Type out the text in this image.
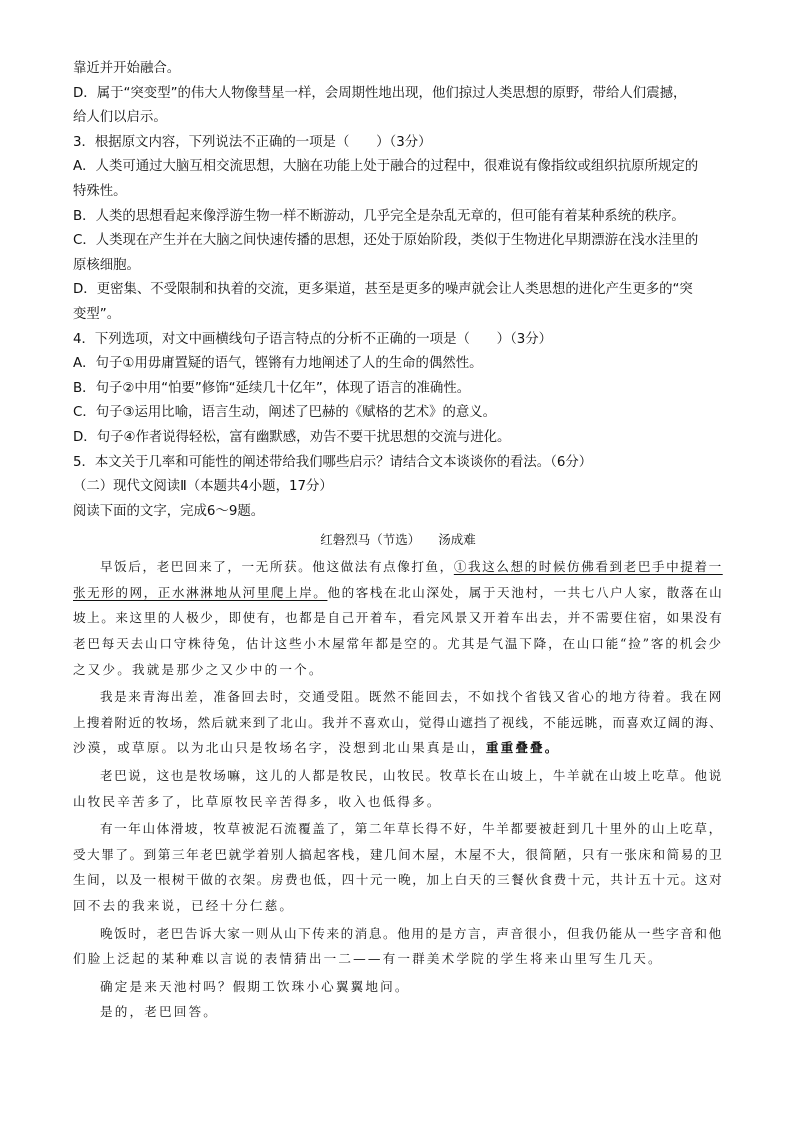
靠近并开始融合。

D．属于“突变型”的伟大人物像彗星一样，会周期性地出现，他们掠过人类思想的原野，带给人们震撼，

给人们以启示。

3．根据原文内容，下列说法不正确的一项是（　　）（3分）

A．人类可通过大脑互相交流思想，大脑在功能上处于融合的过程中，很难说有像指纹或组织抗原所规定的

特殊性。

B．人类的思想看起来像浮游生物一样不断游动，几乎完全是杂乱无章的，但可能有着某种系统的秩序。

C．人类现在产生并在大脑之间快速传播的思想，还处于原始阶段，类似于生物进化早期漂游在浅水洼里的

原核细胞。

D．更密集、不受限制和执着的交流，更多渠道，甚至是更多的噪声就会让人类思想的进化产生更多的“突

变型”。

4．下列选项，对文中画横线句子语言特点的分析不正确的一项是（　　）（3分）

A．句子①用毋庸置疑的语气，铿锵有力地阐述了人的生命的偶然性。

B．句子②中用“怕要”修饰“延续几十亿年”，体现了语言的准确性。

C．句子③运用比喻，语言生动，阐述了巴赫的《赋格的艺术》的意义。

D．句子④作者说得轻松，富有幽默感，劝告不要干扰思想的交流与进化。

5．本文关于几率和可能性的阐述带给我们哪些启示？请结合文本谈谈你的看法。（6分）

（二）现代文阅读Ⅱ（本题共4小题，17分）

阅读下面的文字，完成6～9题。

红磐烈马（节选） 汤成难

早饭后，老巴回来了，一无所获。他这做法有点像打鱼，①我这么想的时候仿佛看到老巴手中提着一

张无形的网，正水淋淋地从河里爬上岸。他的客栈在北山深处，属于天池村，一共七八户人家，散落在山

坡上。来这里的人极少，即使有，也都是自己开着车，看完风景又开着车出去，并不需要住宿，如果没有

老巴每天去山口守株待兔，估计这些小木屋常年都是空的。尤其是气温下降，在山口能“捡”客的机会少

之又少。我就是那少之又少中的一个。

我是来青海出差，准备回去时，交通受阻。既然不能回去，不如找个省钱又省心的地方待着。我在网

上搜着附近的牧场，然后就来到了北山。我并不喜欢山，觉得山遮挡了视线，不能远眺，而喜欢辽阔的海、

沙漠，或草原。以为北山只是牧场名字，没想到北山果真是山，重重叠叠。

老巴说，这也是牧场嘛，这儿的人都是牧民，山牧民。牧草长在山坡上，牛羊就在山坡上吃草。他说

山牧民辛苦多了，比草原牧民辛苦得多，收入也低得多。

有一年山体滑坡，牧草被泥石流覆盖了，第二年草长得不好，牛羊都要被赶到几十里外的山上吃草，

受大罪了。到第三年老巴就学着别人搞起客栈，建几间木屋，木屋不大，很简陋，只有一张床和简易的卫

生间，以及一根树干做的衣架。房费也低，四十元一晚，加上白天的三餐伙食费十元，共计五十元。这对

回不去的我来说，已经十分仁慈。

晚饭时，老巴告诉大家一则从山下传来的消息。他用的是方言，声音很小，但我仍能从一些字音和他

们脸上泛起的某种难以言说的表情猜出一二——有一群美术学院的学生将来山里写生几天。

确定是来天池村吗？假期工饮珠小心翼翼地问。

是的，老巴回答。
